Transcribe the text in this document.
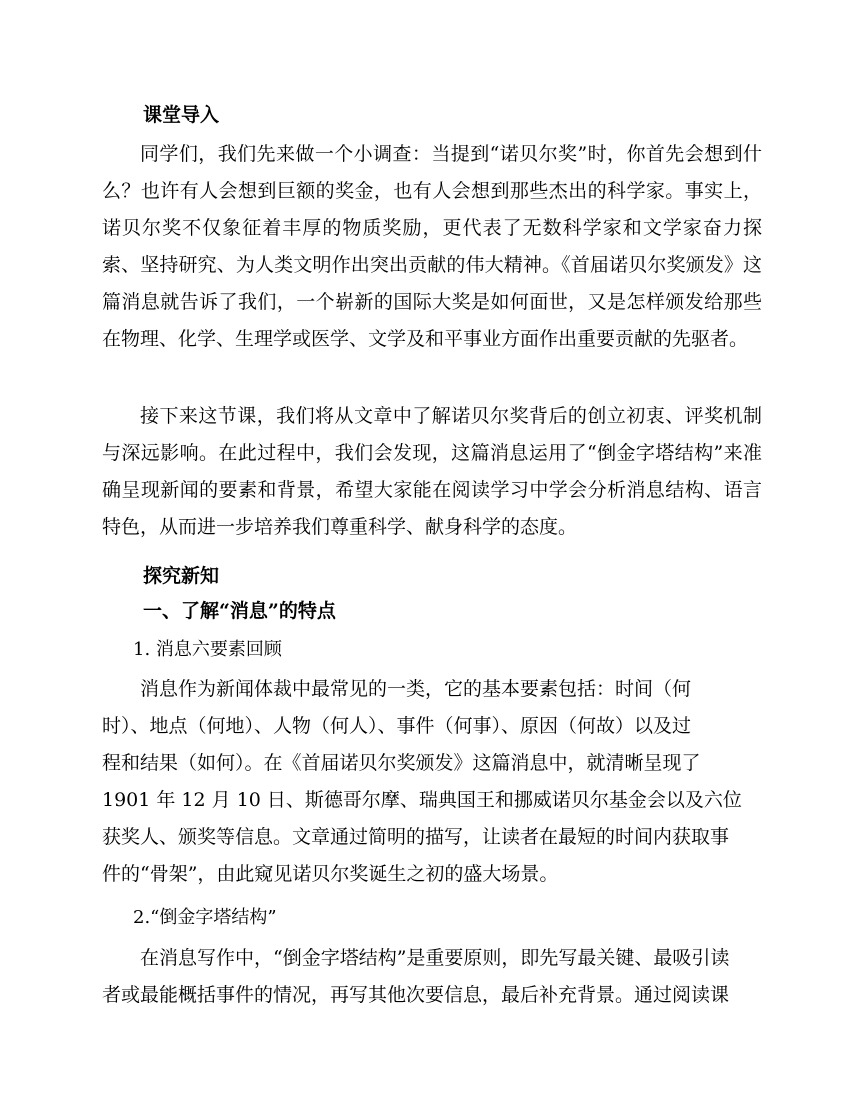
课堂导入

同学们，我们先来做一个小调查：当提到“诺贝尔奖”时，你首先会想到什么？也许有人会想到巨额的奖金，也有人会想到那些杰出的科学家。事实上，诺贝尔奖不仅象征着丰厚的物质奖励，更代表了无数科学家和文学家奋力探索、坚持研究、为人类文明作出突出贡献的伟大精神。《首届诺贝尔奖颁发》这篇消息就告诉了我们，一个崭新的国际大奖是如何面世，又是怎样颁发给那些在物理、化学、生理学或医学、文学及和平事业方面作出重要贡献的先驱者。

接下来这节课，我们将从文章中了解诺贝尔奖背后的创立初衷、评奖机制与深远影响。在此过程中，我们会发现，这篇消息运用了“倒金字塔结构”来准确呈现新闻的要素和背景，希望大家能在阅读学习中学会分析消息结构、语言特色，从而进一步培养我们尊重科学、献身科学的态度。

探究新知
一、了解“消息”的特点
1. 消息六要素回顾

消息作为新闻体裁中最常见的一类，它的基本要素包括：时间（何

时）、地点（何地）、人物（何人）、事件（何事）、原因（何故）以及过

程和结果（如何）。在《首届诺贝尔奖颁发》这篇消息中，就清晰呈现了

1901 年 12 月 10 日、斯德哥尔摩、瑞典国王和挪威诺贝尔基金会以及六位

获奖人、颁奖等信息。文章通过简明的描写，让读者在最短的时间内获取事

件的“骨架”，由此窥见诺贝尔奖诞生之初的盛大场景。

2.“倒金字塔结构”

在消息写作中，“倒金字塔结构”是重要原则，即先写最关键、最吸引读

者或最能概括事件的情况，再写其他次要信息，最后补充背景。通过阅读课
